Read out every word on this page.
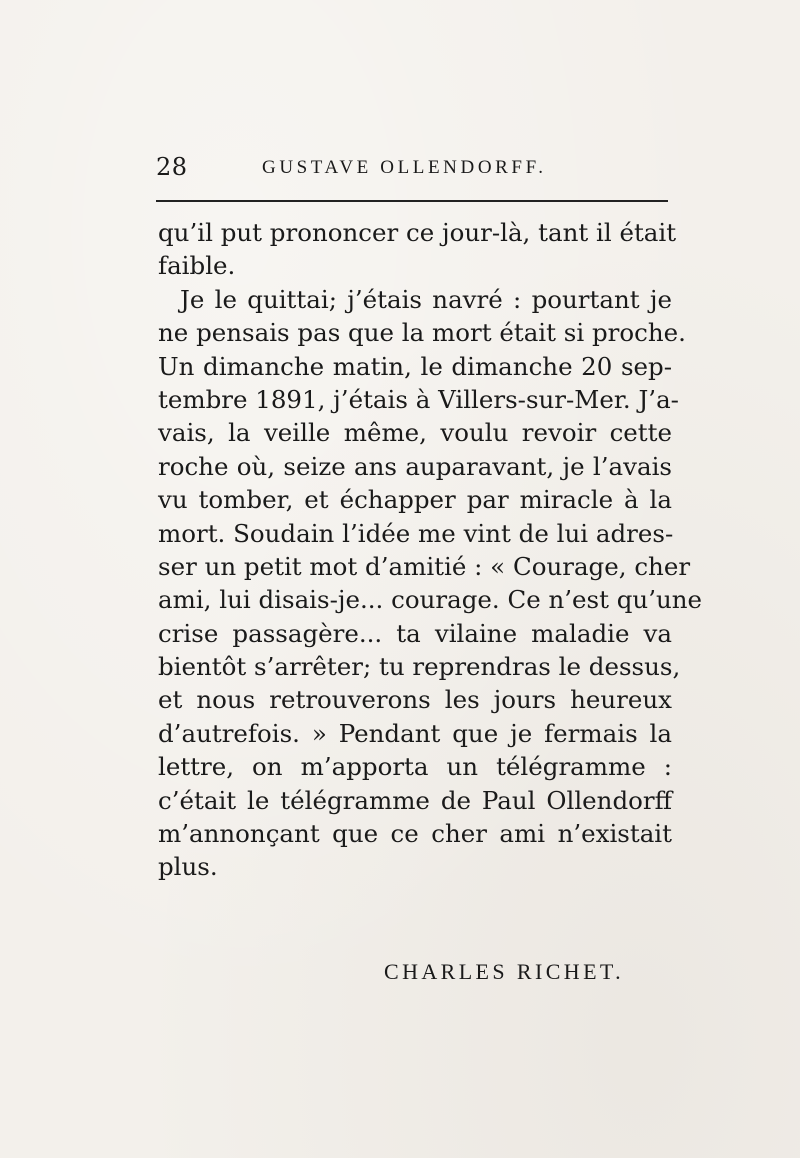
28	GUSTAVE OLLENDORFF.
qu’il put prononcer ce jour-là, tant il était
faible.
Je le quittai; j’étais navré : pourtant je
ne pensais pas que la mort était si proche.
Un dimanche matin, le dimanche 20 sep-
tembre 1891, j’étais à Villers-sur-Mer. J’a-
vais, la veille même, voulu revoir cette
roche où, seize ans auparavant, je l’avais
vu tomber, et échapper par miracle à la
mort. Soudain l’idée me vint de lui adres-
ser un petit mot d’amitié : « Courage, cher
ami, lui disais-je... courage. Ce n’est qu’une
crise passagère... ta vilaine maladie va
bientôt s’arrêter; tu reprendras le dessus,
et nous retrouverons les jours heureux
d’autrefois. » Pendant que je fermais la
lettre, on m’apporta un télégramme :
c’était le télégramme de Paul Ollendorff
m’annonçant que ce cher ami n’existait
plus.
CHARLES RICHET.
